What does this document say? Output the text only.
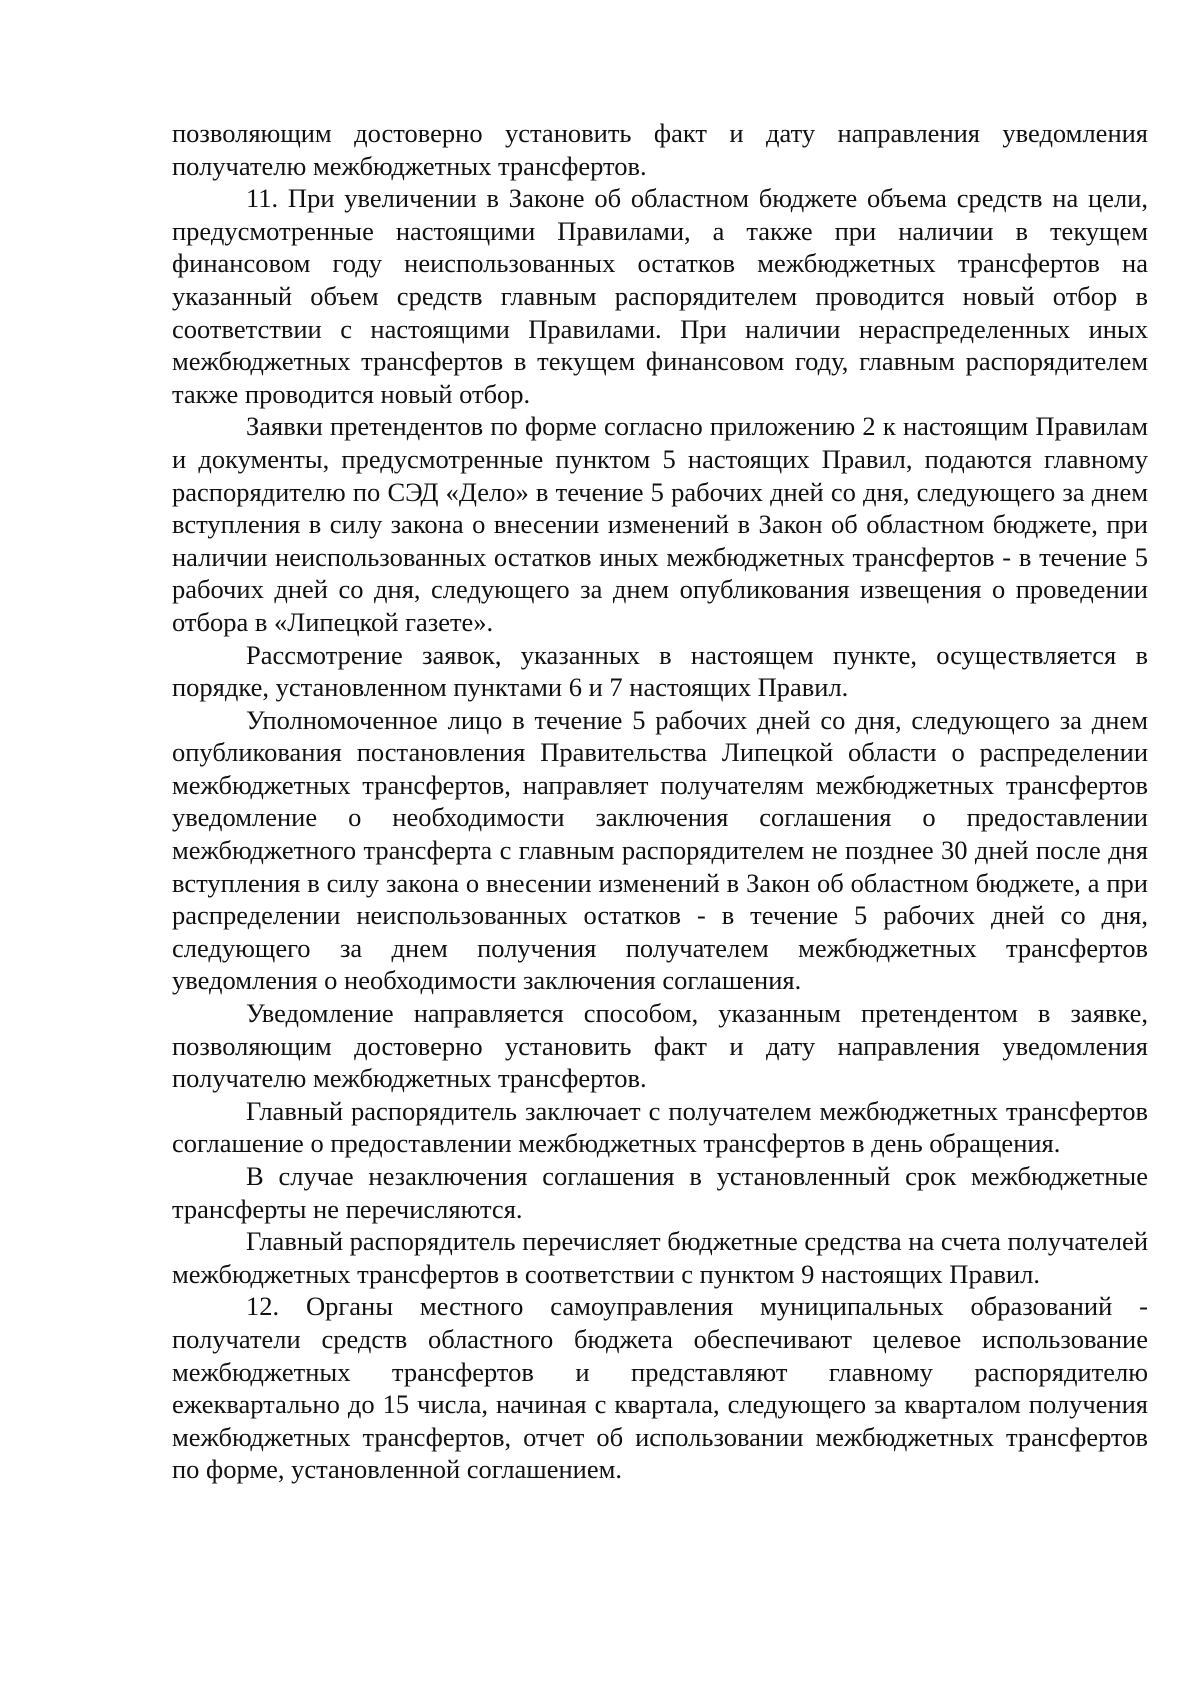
позволяющим достоверно установить факт и дату направления уведомления получателю межбюджетных трансфертов.

11. При увеличении в Законе об областном бюджете объема средств на цели, предусмотренные настоящими Правилами, а также при наличии в текущем финансовом году неиспользованных остатков межбюджетных трансфертов на указанный объем средств главным распорядителем проводится новый отбор в соответствии с настоящими Правилами. При наличии нераспределенных иных межбюджетных трансфертов в текущем финансовом году, главным распорядителем также проводится новый отбор.

Заявки претендентов по форме согласно приложению 2 к настоящим Правилам и документы, предусмотренные пунктом 5 настоящих Правил, подаются главному распорядителю по СЭД «Дело» в течение 5 рабочих дней со дня, следующего за днем вступления в силу закона о внесении изменений в Закон об областном бюджете, при наличии неиспользованных остатков иных межбюджетных трансфертов - в течение 5 рабочих дней со дня, следующего за днем опубликования извещения о проведении отбора в «Липецкой газете».

Рассмотрение заявок, указанных в настоящем пункте, осуществляется в порядке, установленном пунктами 6 и 7 настоящих Правил.

Уполномоченное лицо в течение 5 рабочих дней со дня, следующего за днем опубликования постановления Правительства Липецкой области о распределении межбюджетных трансфертов, направляет получателям межбюджетных трансфертов уведомление о необходимости заключения соглашения о предоставлении межбюджетного трансферта с главным распорядителем не позднее 30 дней после дня вступления в силу закона о внесении изменений в Закон об областном бюджете, а при распределении неиспользованных остатков - в течение 5 рабочих дней со дня, следующего за днем получения получателем межбюджетных трансфертов уведомления о необходимости заключения соглашения.

Уведомление направляется способом, указанным претендентом в заявке, позволяющим достоверно установить факт и дату направления уведомления получателю межбюджетных трансфертов.

Главный распорядитель заключает с получателем межбюджетных трансфертов соглашение о предоставлении межбюджетных трансфертов в день обращения.

В случае незаключения соглашения в установленный срок межбюджетные трансферты не перечисляются.

Главный распорядитель перечисляет бюджетные средства на счета получателей межбюджетных трансфертов в соответствии с пунктом 9 настоящих Правил.

12. Органы местного самоуправления муниципальных образований - получатели средств областного бюджета обеспечивают целевое использование межбюджетных трансфертов и представляют главному распорядителю ежеквартально до 15 числа, начиная с квартала, следующего за кварталом получения межбюджетных трансфертов, отчет об использовании межбюджетных трансфертов по форме, установленной соглашением.
